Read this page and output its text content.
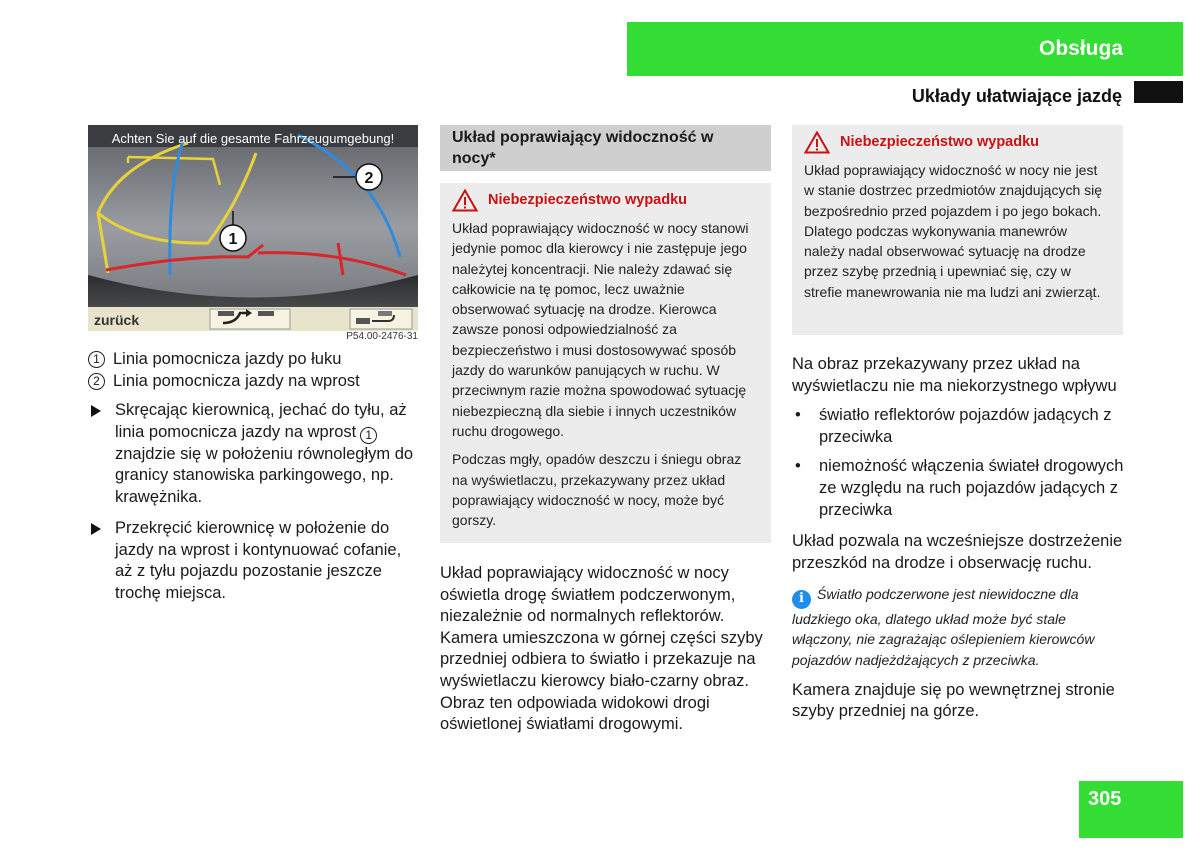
Obsługa
Układy ułatwiające jazdę
1
2
Achten Sie auf die gesamte Fahrzeugumgebung!
zurück
P54.00-2476-31
1 Linia pomocnicza jazdy po łuku
2 Linia pomocnicza jazdy na wprost
Skręcając kierownicą, jechać do tyłu, aż linia pomocnicza jazdy na wprost 1 znajdzie się w położeniu równoległym do granicy stanowiska parkingowego, np. krawężnika.
Przekręcić kierownicę w położenie do jazdy na wprost i kontynuować cofanie, aż z tyłu pojazdu pozostanie jeszcze trochę miejsca.
Układ poprawiający widoczność w nocy*
Niebezpieczeństwo wypadku
Układ poprawiający widoczność w nocy stanowi jedynie pomoc dla kierowcy i nie zastępuje jego należytej koncentracji. Nie należy zdawać się całkowicie na tę pomoc, lecz uważnie obserwować sytuację na drodze. Kierowca zawsze ponosi odpowiedzialność za bezpieczeństwo i musi dostosowywać sposób jazdy do warunków panujących w ruchu. W przeciwnym razie można spowodować sytuację niebezpieczną dla siebie i innych uczestników ruchu drogowego.
Podczas mgły, opadów deszczu i śniegu obraz na wyświetlaczu, przekazywany przez układ poprawiający widoczność w nocy, może być gorszy.
Układ poprawiający widoczność w nocy oświetla drogę światłem podczerwonym, niezależnie od normalnych reflektorów. Kamera umieszczona w górnej części szyby przedniej odbiera to światło i przekazuje na wyświetlaczu kierowcy biało-czarny obraz. Obraz ten odpowiada widokowi drogi oświetlonej światłami drogowymi.
Niebezpieczeństwo wypadku
Układ poprawiający widoczność w nocy nie jest w stanie dostrzec przedmiotów znajdujących się bezpośrednio przed pojazdem i po jego bokach. Dlatego podczas wykonywania manewrów należy nadal obserwować sytuację na drodze przez szybę przednią i upewniać się, czy w strefie manewrowania nie ma ludzi ani zwierząt.
Na obraz przekazywany przez układ na wyświetlaczu nie ma niekorzystnego wpływu
• światło reflektorów pojazdów jadących z przeciwka
• niemożność włączenia świateł drogowych ze względu na ruch pojazdów jadących z przeciwka
Układ pozwala na wcześniejsze dostrzeżenie przeszkód na drodze i obserwację ruchu.
i Światło podczerwone jest niewidoczne dla ludzkiego oka, dlatego układ może być stale włączony, nie zagrażając oślepieniem kierowców pojazdów nadjeżdżających z przeciwka.
Kamera znajduje się po wewnętrznej stronie szyby przedniej na górze.
305
